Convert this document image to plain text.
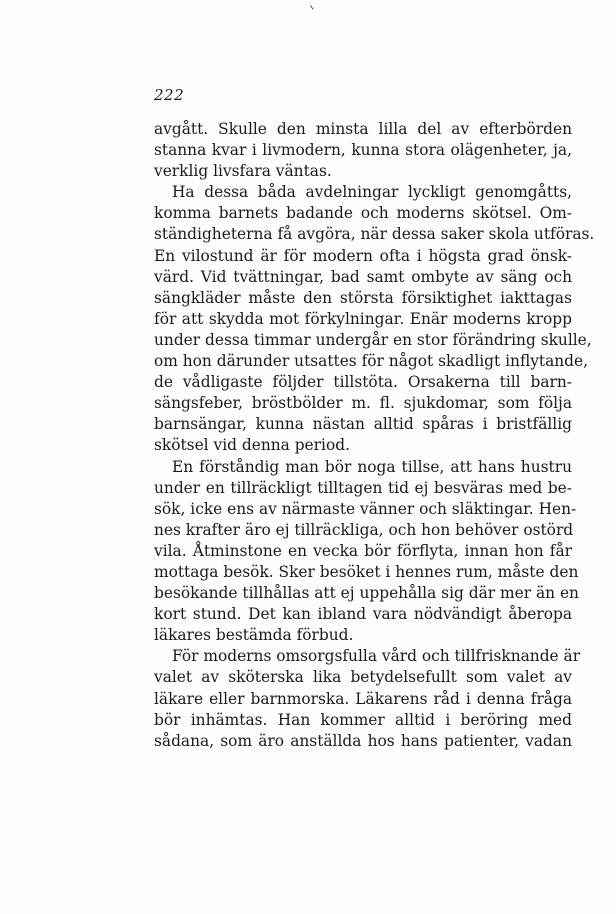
222
avgått. Skulle den minsta lilla del av efterbörden
stanna kvar i livmodern, kunna stora olägenheter, ja,
verklig livsfara väntas.
Ha dessa båda avdelningar lyckligt genomgåtts,
komma barnets badande och moderns skötsel. Om-
ständigheterna få avgöra, när dessa saker skola utföras.
En vilostund är för modern ofta i högsta grad önsk-
värd. Vid tvättningar, bad samt ombyte av säng och
sängkläder måste den största försiktighet iakttagas
för att skydda mot förkylningar. Enär moderns kropp
under dessa timmar undergår en stor förändring skulle,
om hon därunder utsattes för något skadligt inflytande,
de vådligaste följder tillstöta. Orsakerna till barn-
sängsfeber, bröstbölder m. fl. sjukdomar, som följa
barnsängar, kunna nästan alltid spåras i bristfällig
skötsel vid denna period.
En förståndig man bör noga tillse, att hans hustru
under en tillräckligt tilltagen tid ej besväras med be-
sök, icke ens av närmaste vänner och släktingar. Hen-
nes krafter äro ej tillräckliga, och hon behöver ostörd
vila. Åtminstone en vecka bör förflyta, innan hon får
mottaga besök. Sker besöket i hennes rum, måste den
besökande tillhållas att ej uppehålla sig där mer än en
kort stund. Det kan ibland vara nödvändigt åberopa
läkares bestämda förbud.
För moderns omsorgsfulla vård och tillfrisknande är
valet av sköterska lika betydelsefullt som valet av
läkare eller barnmorska. Läkarens råd i denna fråga
bör inhämtas. Han kommer alltid i beröring med
sådana, som äro anställda hos hans patienter, vadan
